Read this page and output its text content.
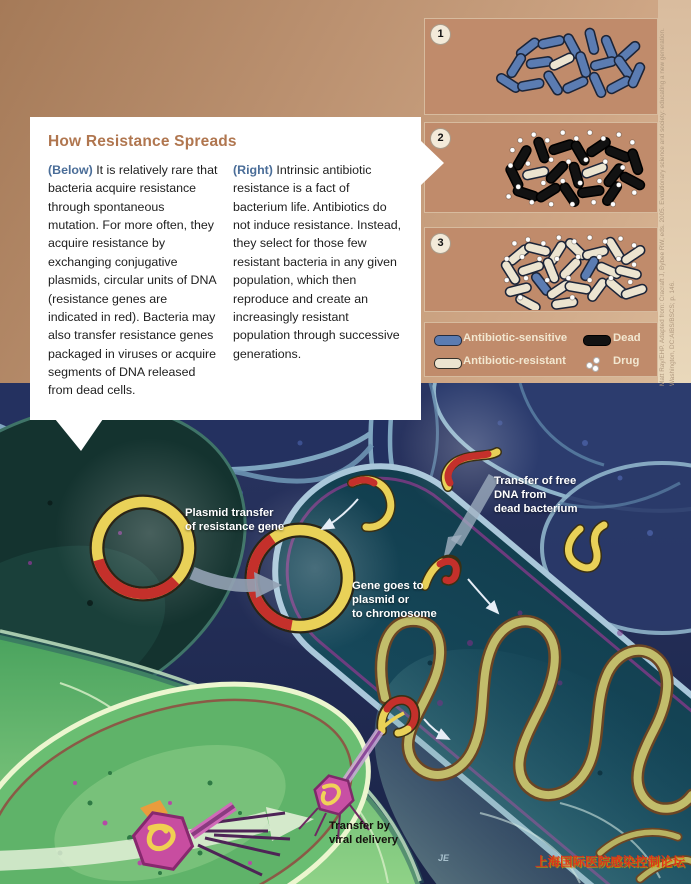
Plasmid transfer
of resistance gene
Transfer of free
DNA from
dead bacterium
Gene goes to
plasmid or
to chromosome
Transfer by
viral delivery
JE	上海国际医院感染控制论坛
How Resistance Spreads

(Below) It is relatively rare that bacteria acquire resistance through spontaneous mutation. For more often, they acquire resistance by exchanging conjugative plasmids, circular units of DNA (resistance genes are indicated in red). Bacteria may also transfer resistance genes packaged in viruses or acquire segments of DNA released from dead cells.

(Right) Intrinsic antibiotic resistance is a fact of bacterium life. Antibiotics do not induce resistance. Instead, they select for those few resistant bacteria in any given population, which then reproduce and create an increasingly resistant population through successive generations.

1
2
3
Antibiotic-sensitive	Dead
Antibiotic-resistant	Drug	Matt Ray/EHP. Adapted from: Cracraft J, Bybee RW, eds. 2005. Evolutionary science and society: educating a new generation. Washington, DC:AIBS/BSCS; p. 146.
